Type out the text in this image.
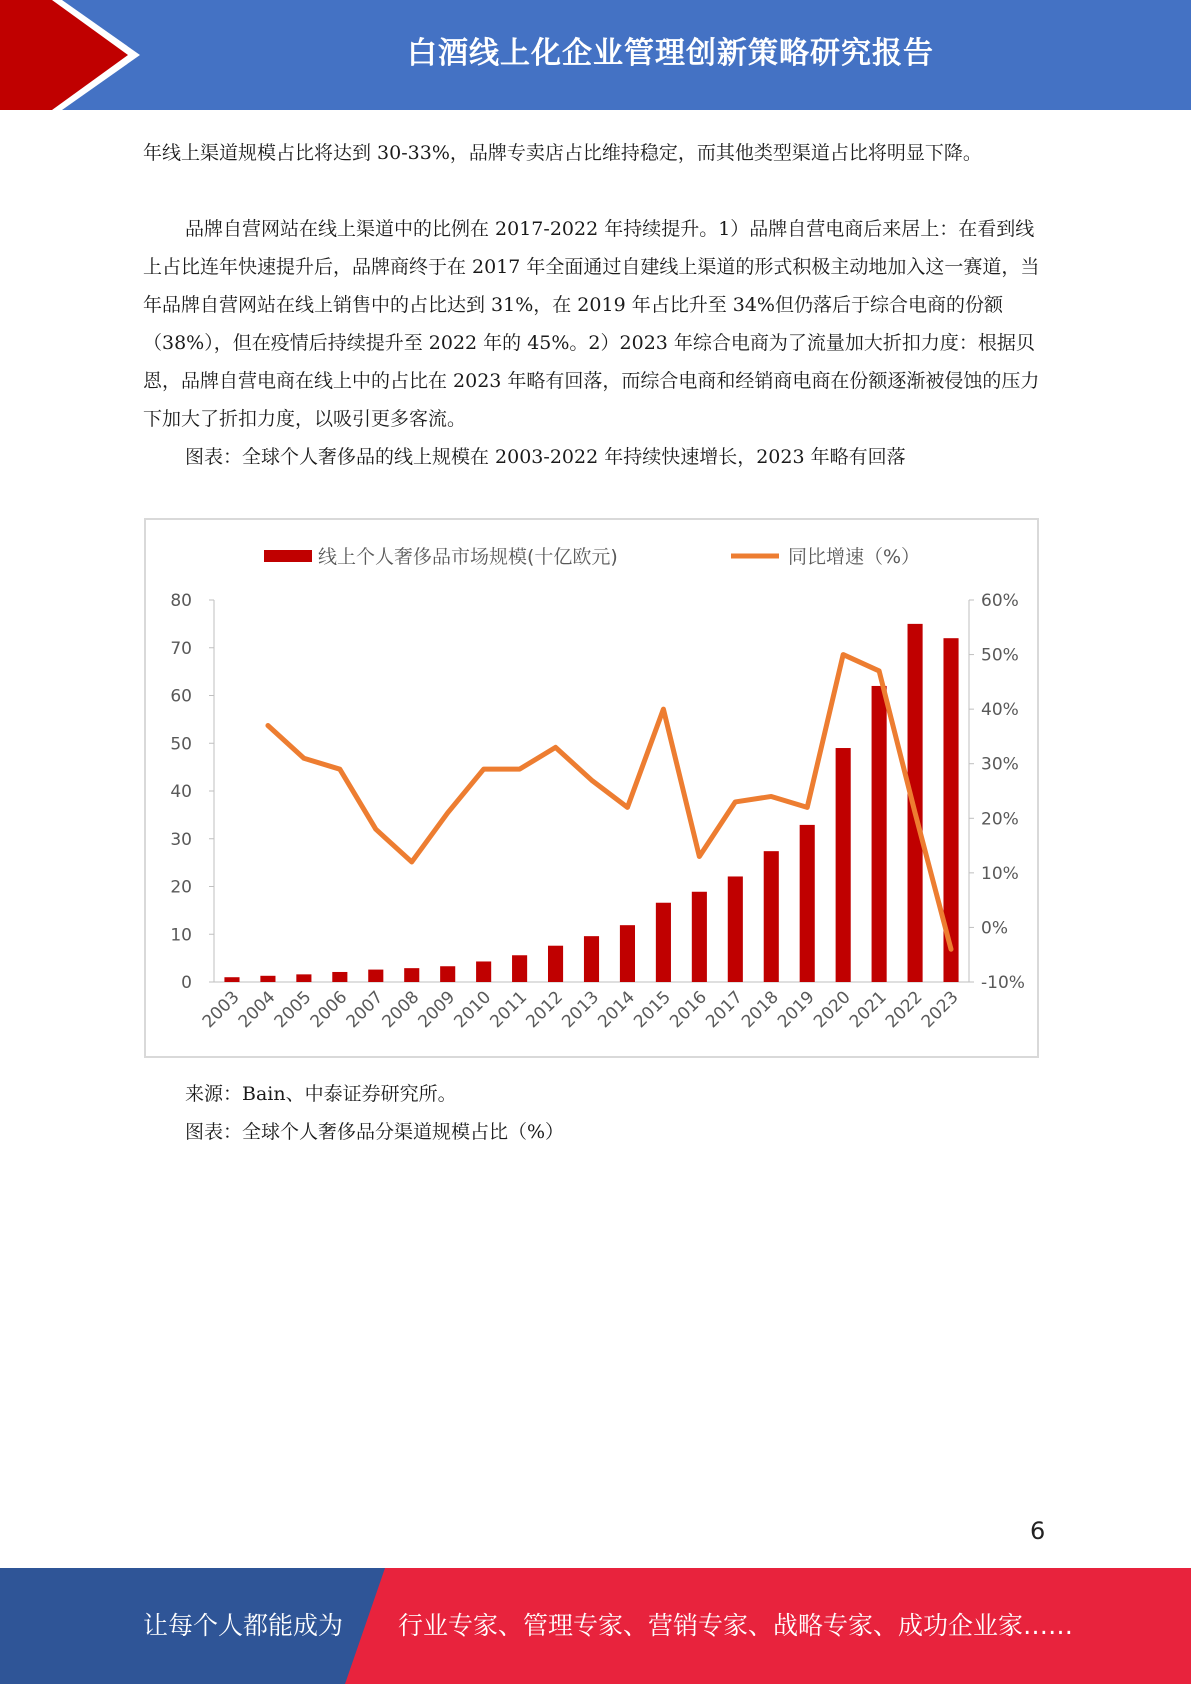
白酒线上化企业管理创新策略研究报告

年线上渠道规模占比将达到 30-33%，品牌专卖店占比维持稳定，而其他类型渠道占比将明显下降。

品牌自营网站在线上渠道中的比例在 2017-2022 年持续提升。1）品牌自营电商后来居上：在看到线上占比连年快速提升后，品牌商终于在 2017 年全面通过自建线上渠道的形式积极主动地加入这一赛道，当年品牌自营网站在线上销售中的占比达到 31%，在 2019 年占比升至 34%但仍落后于综合电商的份额（38%），但在疫情后持续提升至 2022 年的 45%。2）2023 年综合电商为了流量加大折扣力度：根据贝恩，品牌自营电商在线上中的占比在 2023 年略有回落，而综合电商和经销商电商在份额逐渐被侵蚀的压力下加大了折扣力度，以吸引更多客流。

图表：全球个人奢侈品的线上规模在 2003-2022 年持续快速增长，2023 年略有回落

线上个人奢侈品市场规模(十亿欧元)	同比增速（%）
0
10
20
30
40
50
60
70
80
-10%
0%
10%
20%
30%
40%
50%
60%
2003
2004
2005
2006
2007
2008
2009
2010
2011
2012
2013
2014
2015
2016
2017
2018
2019
2020
2021
2022
2023
来源：Bain、中泰证券研究所。
图表：全球个人奢侈品分渠道规模占比（%）
6
让每个人都能成为 行业专家、管理专家、营销专家、战略专家、成功企业家……
